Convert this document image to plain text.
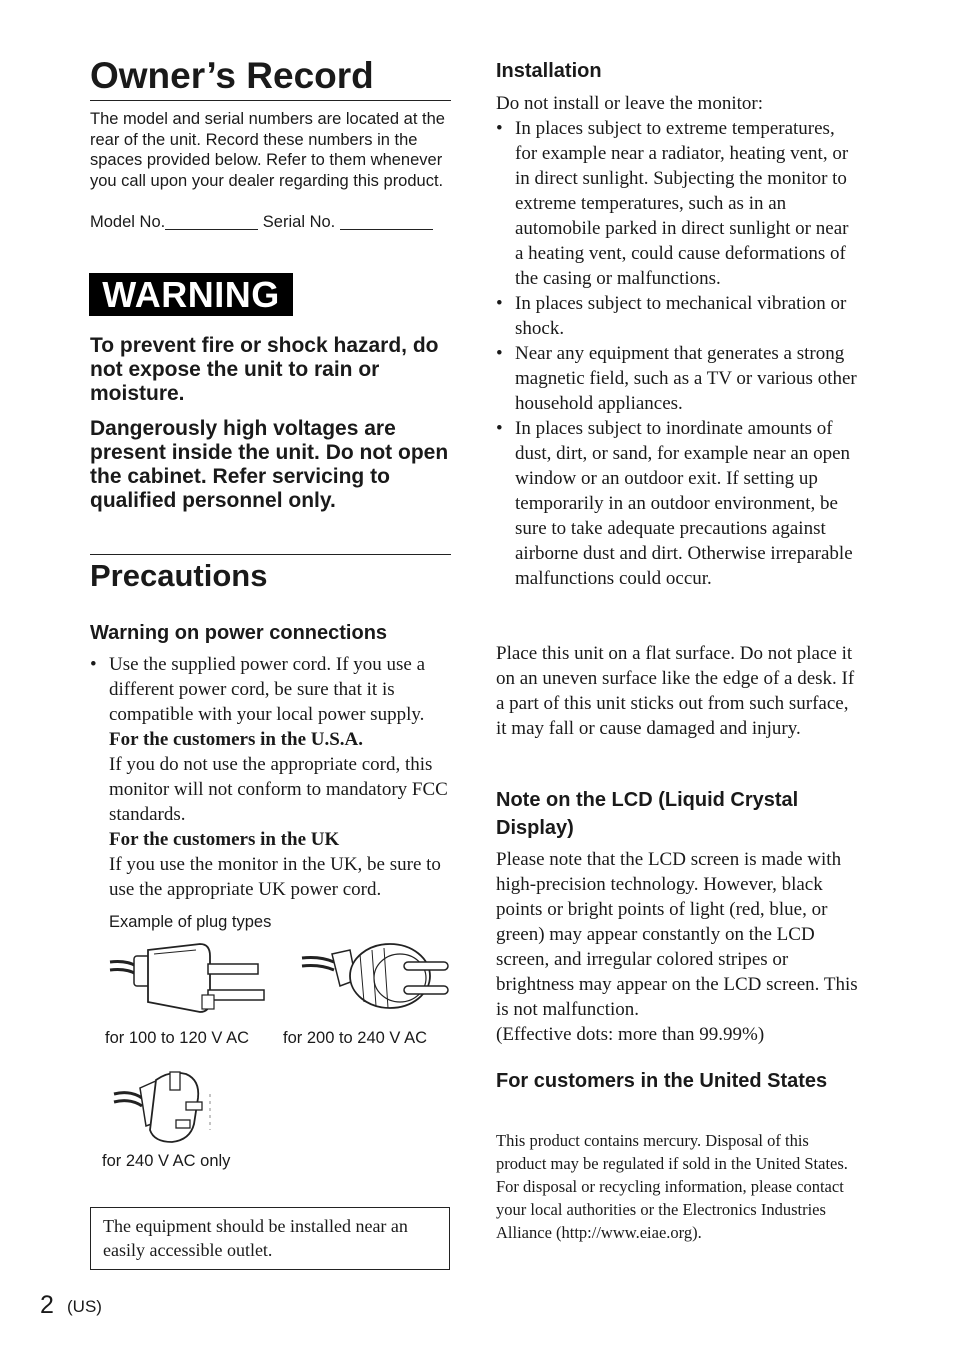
Owner’s Record
The model and serial numbers are located at the rear of the unit. Record these numbers in the spaces provided below. Refer to them whenever you call upon your dealer regarding this product.
Model No.	Serial No.
WARNING

To prevent fire or shock hazard, do not expose the unit to rain or moisture.

Dangerously high voltages are present inside the unit. Do not open the cabinet. Refer servicing to qualified personnel only.

Precautions
Warning on power connections
• Use the supplied power cord. If you use a different power cord, be sure that it is compatible with your local power supply.
For the customers in the U.S.A.
If you do not use the appropriate cord, this monitor will not conform to mandatory FCC standards.
For the customers in the UK
If you use the monitor in the UK, be sure to use the appropriate UK power cord.
Example of plug types
for 100 to 120 V AC for 200 to 240 V AC
for 240 V AC only
The equipment should be installed near an easily accessible outlet.
2 (US)
Installation
Do not install or leave the monitor:
• In places subject to extreme temperatures, for example near a radiator, heating vent, or in direct sunlight. Subjecting the monitor to extreme temperatures, such as in an automobile parked in direct sunlight or near a heating vent, could cause deformations of the casing or malfunctions.
• In places subject to mechanical vibration or shock.
• Near any equipment that generates a strong magnetic field, such as a TV or various other household appliances.
• In places subject to inordinate amounts of dust, dirt, or sand, for example near an open window or an outdoor exit. If setting up temporarily in an outdoor environment, be sure to take adequate precautions against airborne dust and dirt. Otherwise irreparable malfunctions could occur.
Place this unit on a flat surface. Do not place it on an uneven surface like the edge of a desk. If a part of this unit sticks out from such surface, it may fall or cause damaged and injury.
Note on the LCD (Liquid Crystal Display)
Please note that the LCD screen is made with high-precision technology. However, black points or bright points of light (red, blue, or green) may appear constantly on the LCD screen, and irregular colored stripes or brightness may appear on the LCD screen. This is not malfunction.
(Effective dots: more than 99.99%)
For customers in the United States
This product contains mercury. Disposal of this product may be regulated if sold in the United States. For disposal or recycling information, please contact your local authorities or the Electronics Industries Alliance (http://www.eiae.org).
